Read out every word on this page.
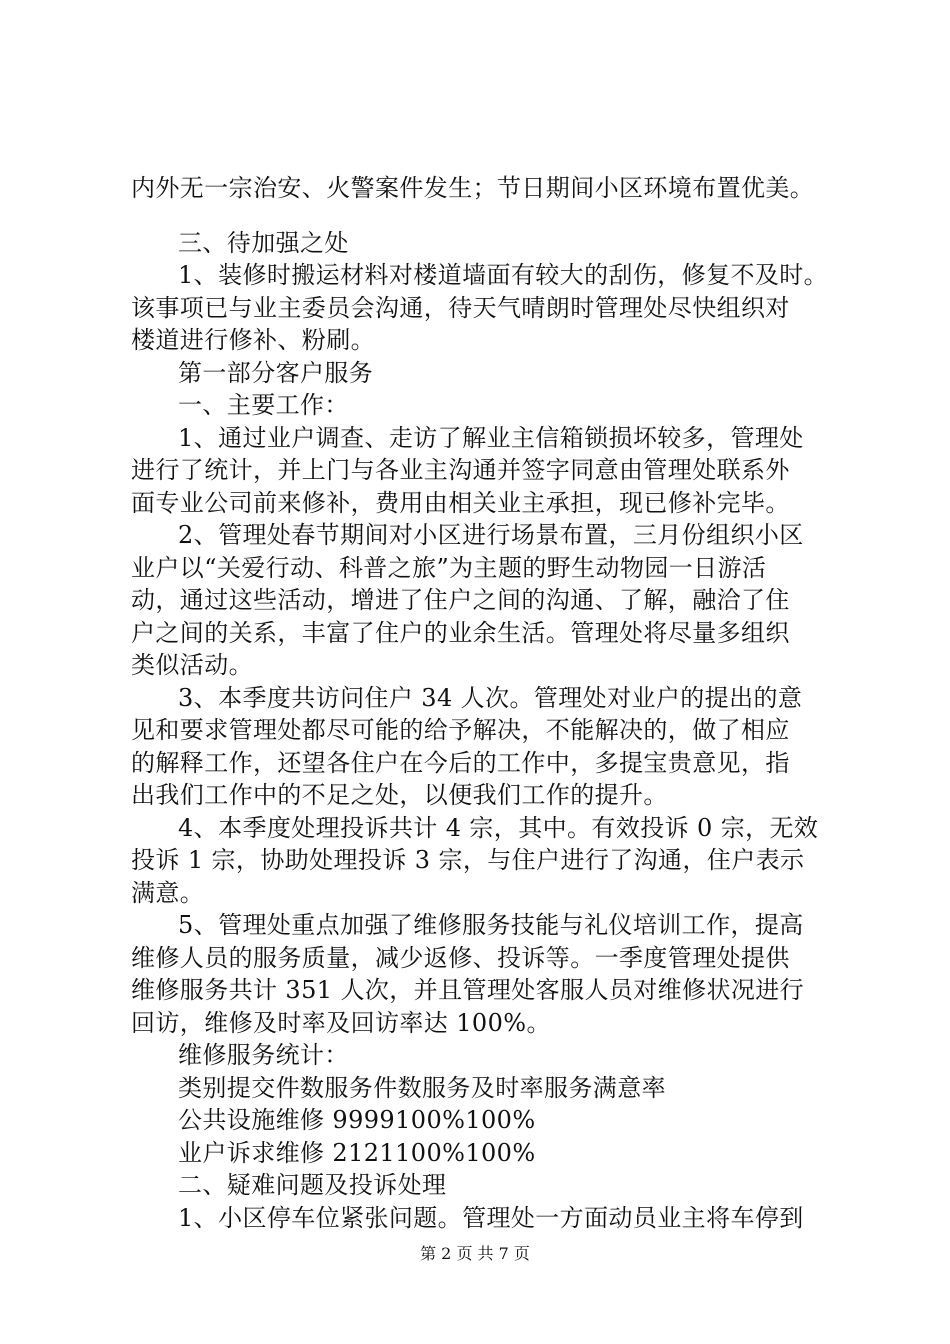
内外无一宗治安、火警案件发生；节日期间小区环境布置优美。
三、待加强之处
1、装修时搬运材料对楼道墙面有较大的刮伤，修复不及时。
该事项已与业主委员会沟通，待天气晴朗时管理处尽快组织对
楼道进行修补、粉刷。
第一部分客户服务
一、主要工作：
1、通过业户调查、走访了解业主信箱锁损坏较多，管理处
进行了统计，并上门与各业主沟通并签字同意由管理处联系外
面专业公司前来修补，费用由相关业主承担，现已修补完毕。
2、管理处春节期间对小区进行场景布置，三月份组织小区
业户以“关爱行动、科普之旅”为主题的野生动物园一日游活
动，通过这些活动，增进了住户之间的沟通、了解，融洽了住
户之间的关系，丰富了住户的业余生活。管理处将尽量多组织
类似活动。
3、本季度共访问住户 34 人次。管理处对业户的提出的意
见和要求管理处都尽可能的给予解决，不能解决的，做了相应
的解释工作，还望各住户在今后的工作中，多提宝贵意见，指
出我们工作中的不足之处，以便我们工作的提升。
4、本季度处理投诉共计 4 宗，其中。有效投诉 0 宗，无效
投诉 1 宗，协助处理投诉 3 宗，与住户进行了沟通，住户表示
满意。
5、管理处重点加强了维修服务技能与礼仪培训工作，提高
维修人员的服务质量，减少返修、投诉等。一季度管理处提供
维修服务共计 351 人次，并且管理处客服人员对维修状况进行
回访，维修及时率及回访率达 100%。
维修服务统计：
类别提交件数服务件数服务及时率服务满意率
公共设施维修 9999100%100%
业户诉求维修 2121100%100%
二、疑难问题及投诉处理
1、小区停车位紧张问题。管理处一方面动员业主将车停到
第 2 页 共 7 页
